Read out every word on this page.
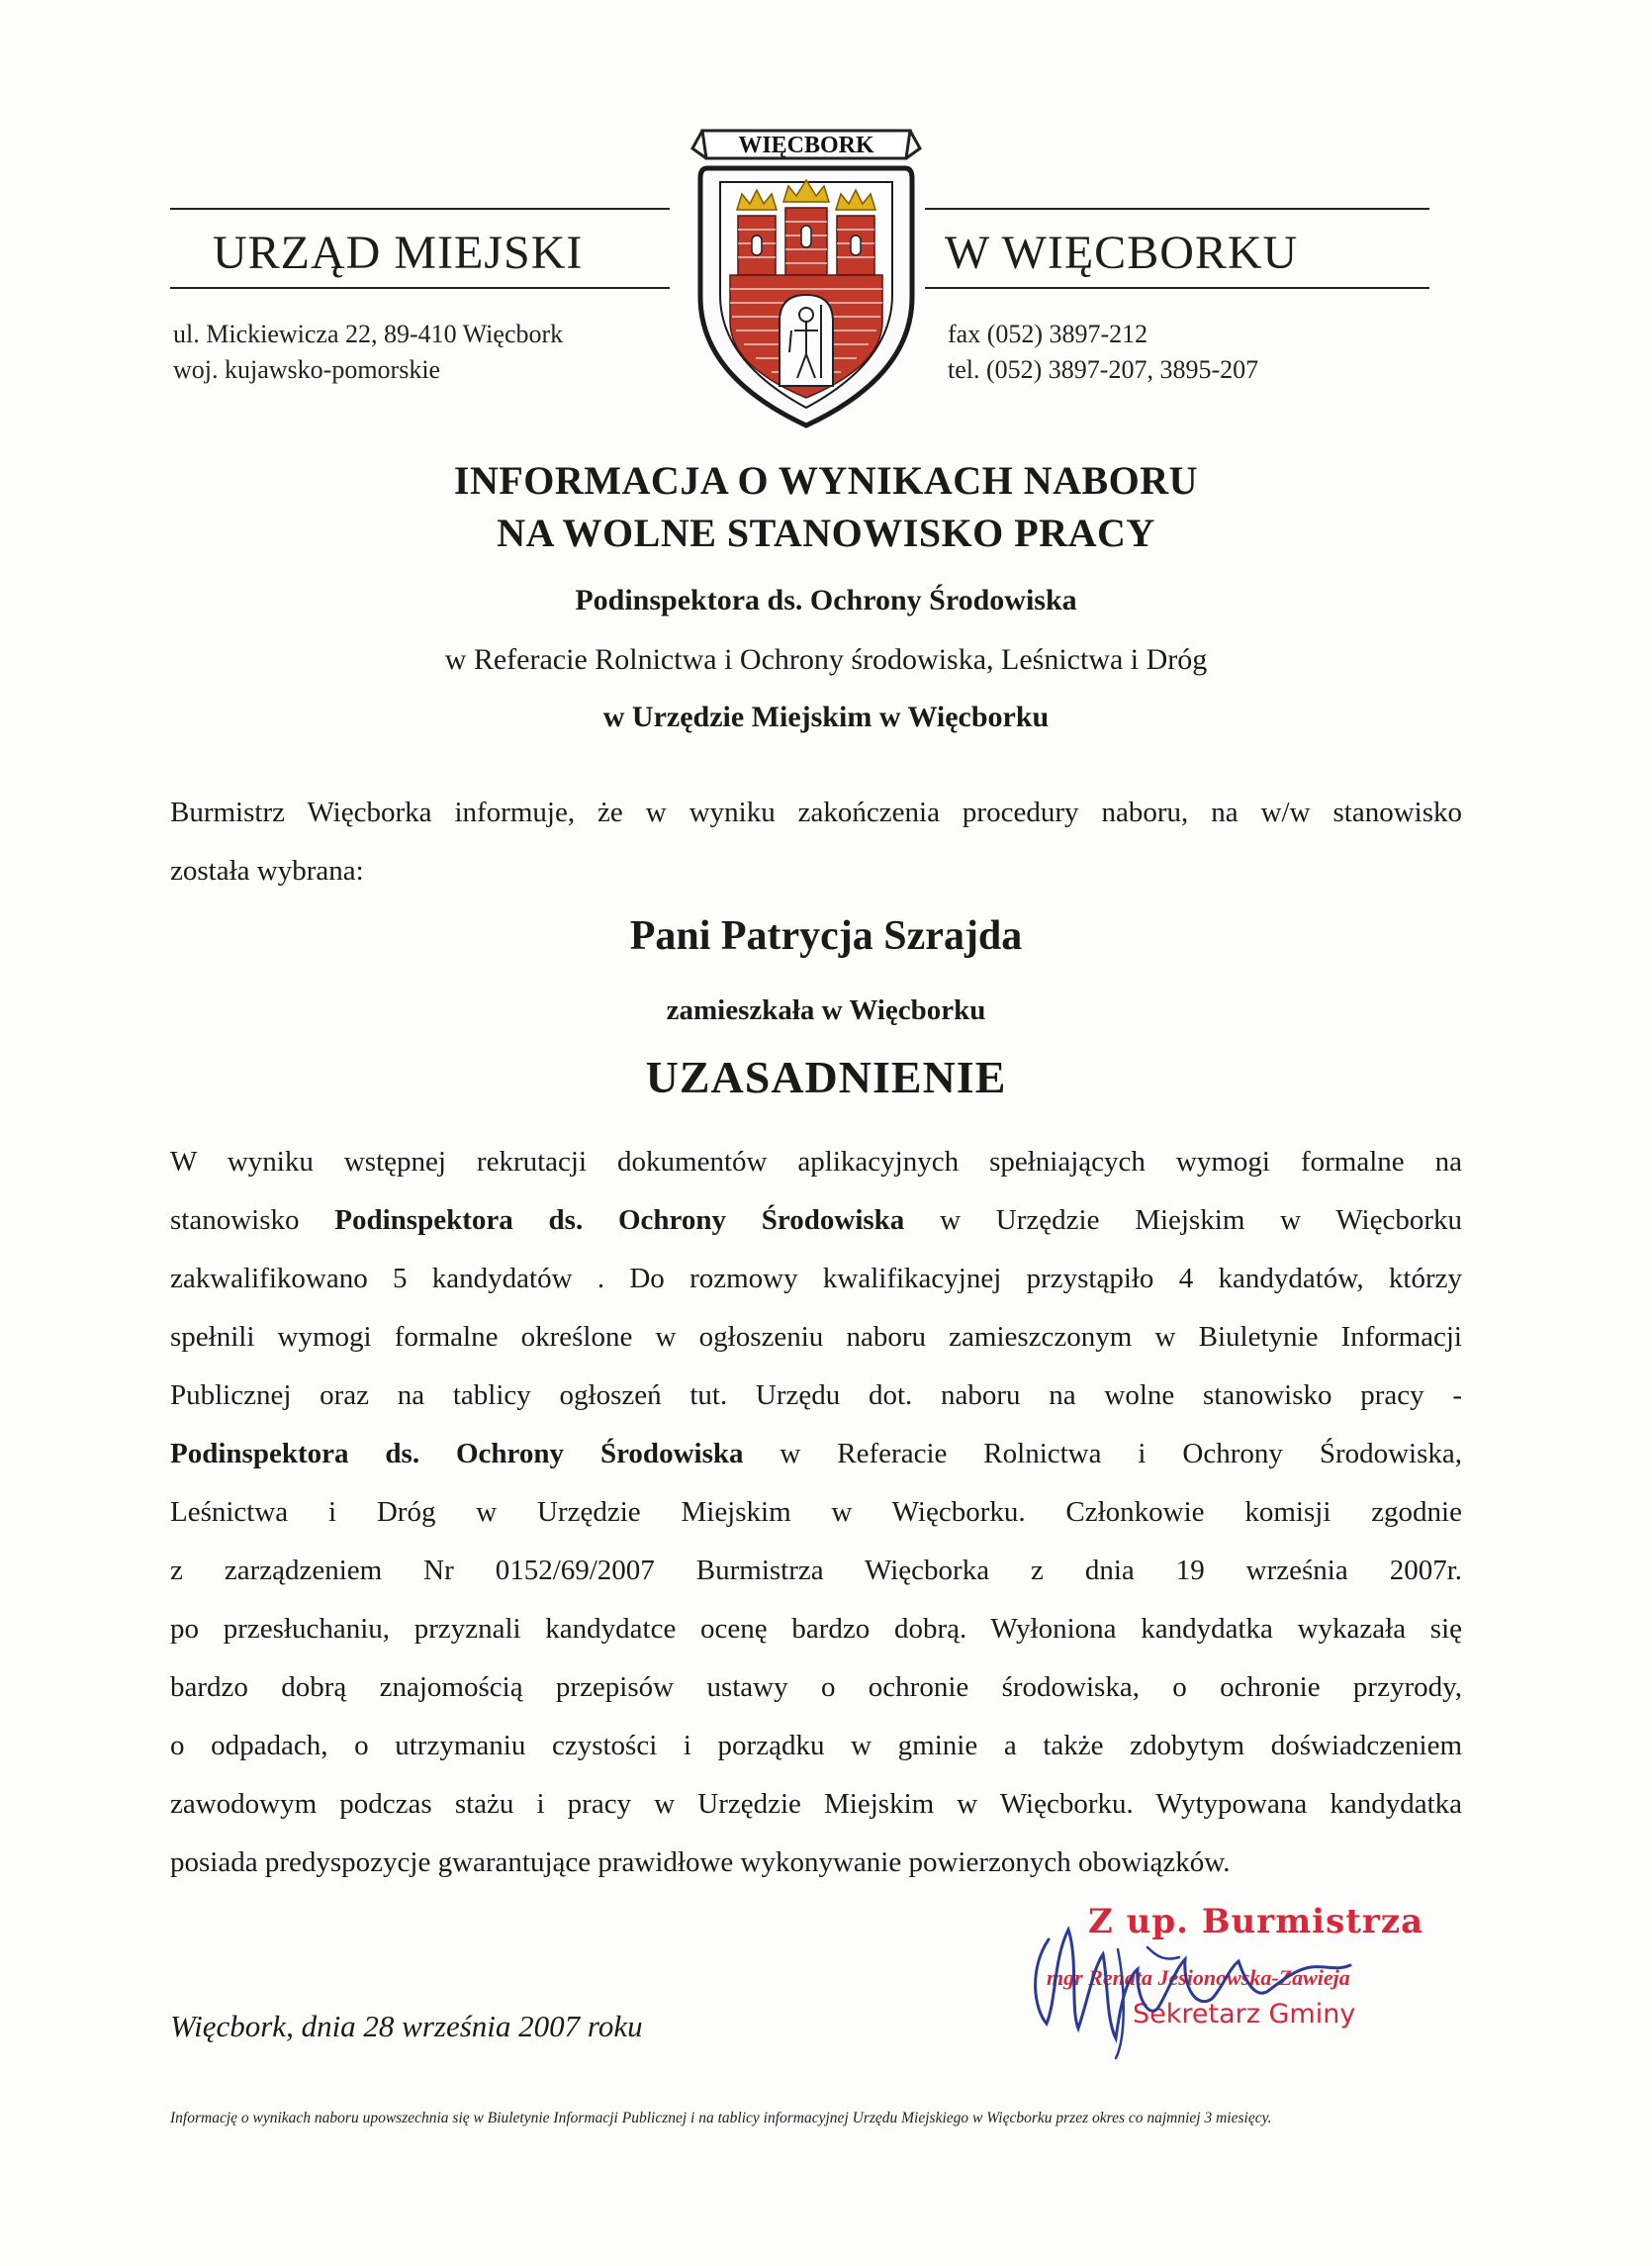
URZĄD MIEJSKI	W WIĘCBORKU
ul. Mickiewicza 22, 89-410 Więcbork
woj. kujawsko-pomorskie
fax (052) 3897-212
tel. (052) 3897-207, 3895-207
WIĘCBORK
INFORMACJA O WYNIKACH NABORU
NA WOLNE STANOWISKO PRACY
Podinspektora ds. Ochrony Środowiska
w Referacie Rolnictwa i Ochrony środowiska, Leśnictwa i Dróg
w Urzędzie Miejskim w Więcborku
Burmistrz Więcborka informuje, że w wyniku zakończenia procedury naboru, na w/w stanowisko
została wybrana:
Pani Patrycja Szrajda
zamieszkała w Więcborku
UZASADNIENIE
W wyniku wstępnej rekrutacji dokumentów aplikacyjnych spełniających wymogi formalne na
stanowisko Podinspektora ds. Ochrony Środowiska w Urzędzie Miejskim w Więcborku
zakwalifikowano 5 kandydatów . Do rozmowy kwalifikacyjnej przystąpiło 4 kandydatów, którzy
spełnili wymogi formalne określone w ogłoszeniu naboru zamieszczonym w Biuletynie Informacji
Publicznej oraz na tablicy ogłoszeń tut. Urzędu dot. naboru na wolne stanowisko pracy -
Podinspektora ds. Ochrony Środowiska w Referacie Rolnictwa i Ochrony Środowiska,
Leśnictwa i Dróg w Urzędzie Miejskim w Więcborku. Członkowie komisji zgodnie
z zarządzeniem Nr 0152/69/2007 Burmistrza Więcborka z dnia 19 września 2007r.
po przesłuchaniu, przyznali kandydatce ocenę bardzo dobrą. Wyłoniona kandydatka wykazała się
bardzo dobrą znajomością przepisów ustawy o ochronie środowiska, o ochronie przyrody,
o odpadach, o utrzymaniu czystości i porządku w gminie a także zdobytym doświadczeniem
zawodowym podczas stażu i pracy w Urzędzie Miejskim w Więcborku. Wytypowana kandydatka
posiada predyspozycje gwarantujące prawidłowe wykonywanie powierzonych obowiązków.
Więcbork, dnia 28 września 2007 roku
Z up. Burmistrza
mgr Renata Jesionowska-Zawieja
Sekretarz Gminy
Informację o wynikach naboru upowszechnia się w Biuletynie Informacji Publicznej i na tablicy informacyjnej Urzędu Miejskiego w Więcborku przez okres co najmniej 3 miesięcy.
